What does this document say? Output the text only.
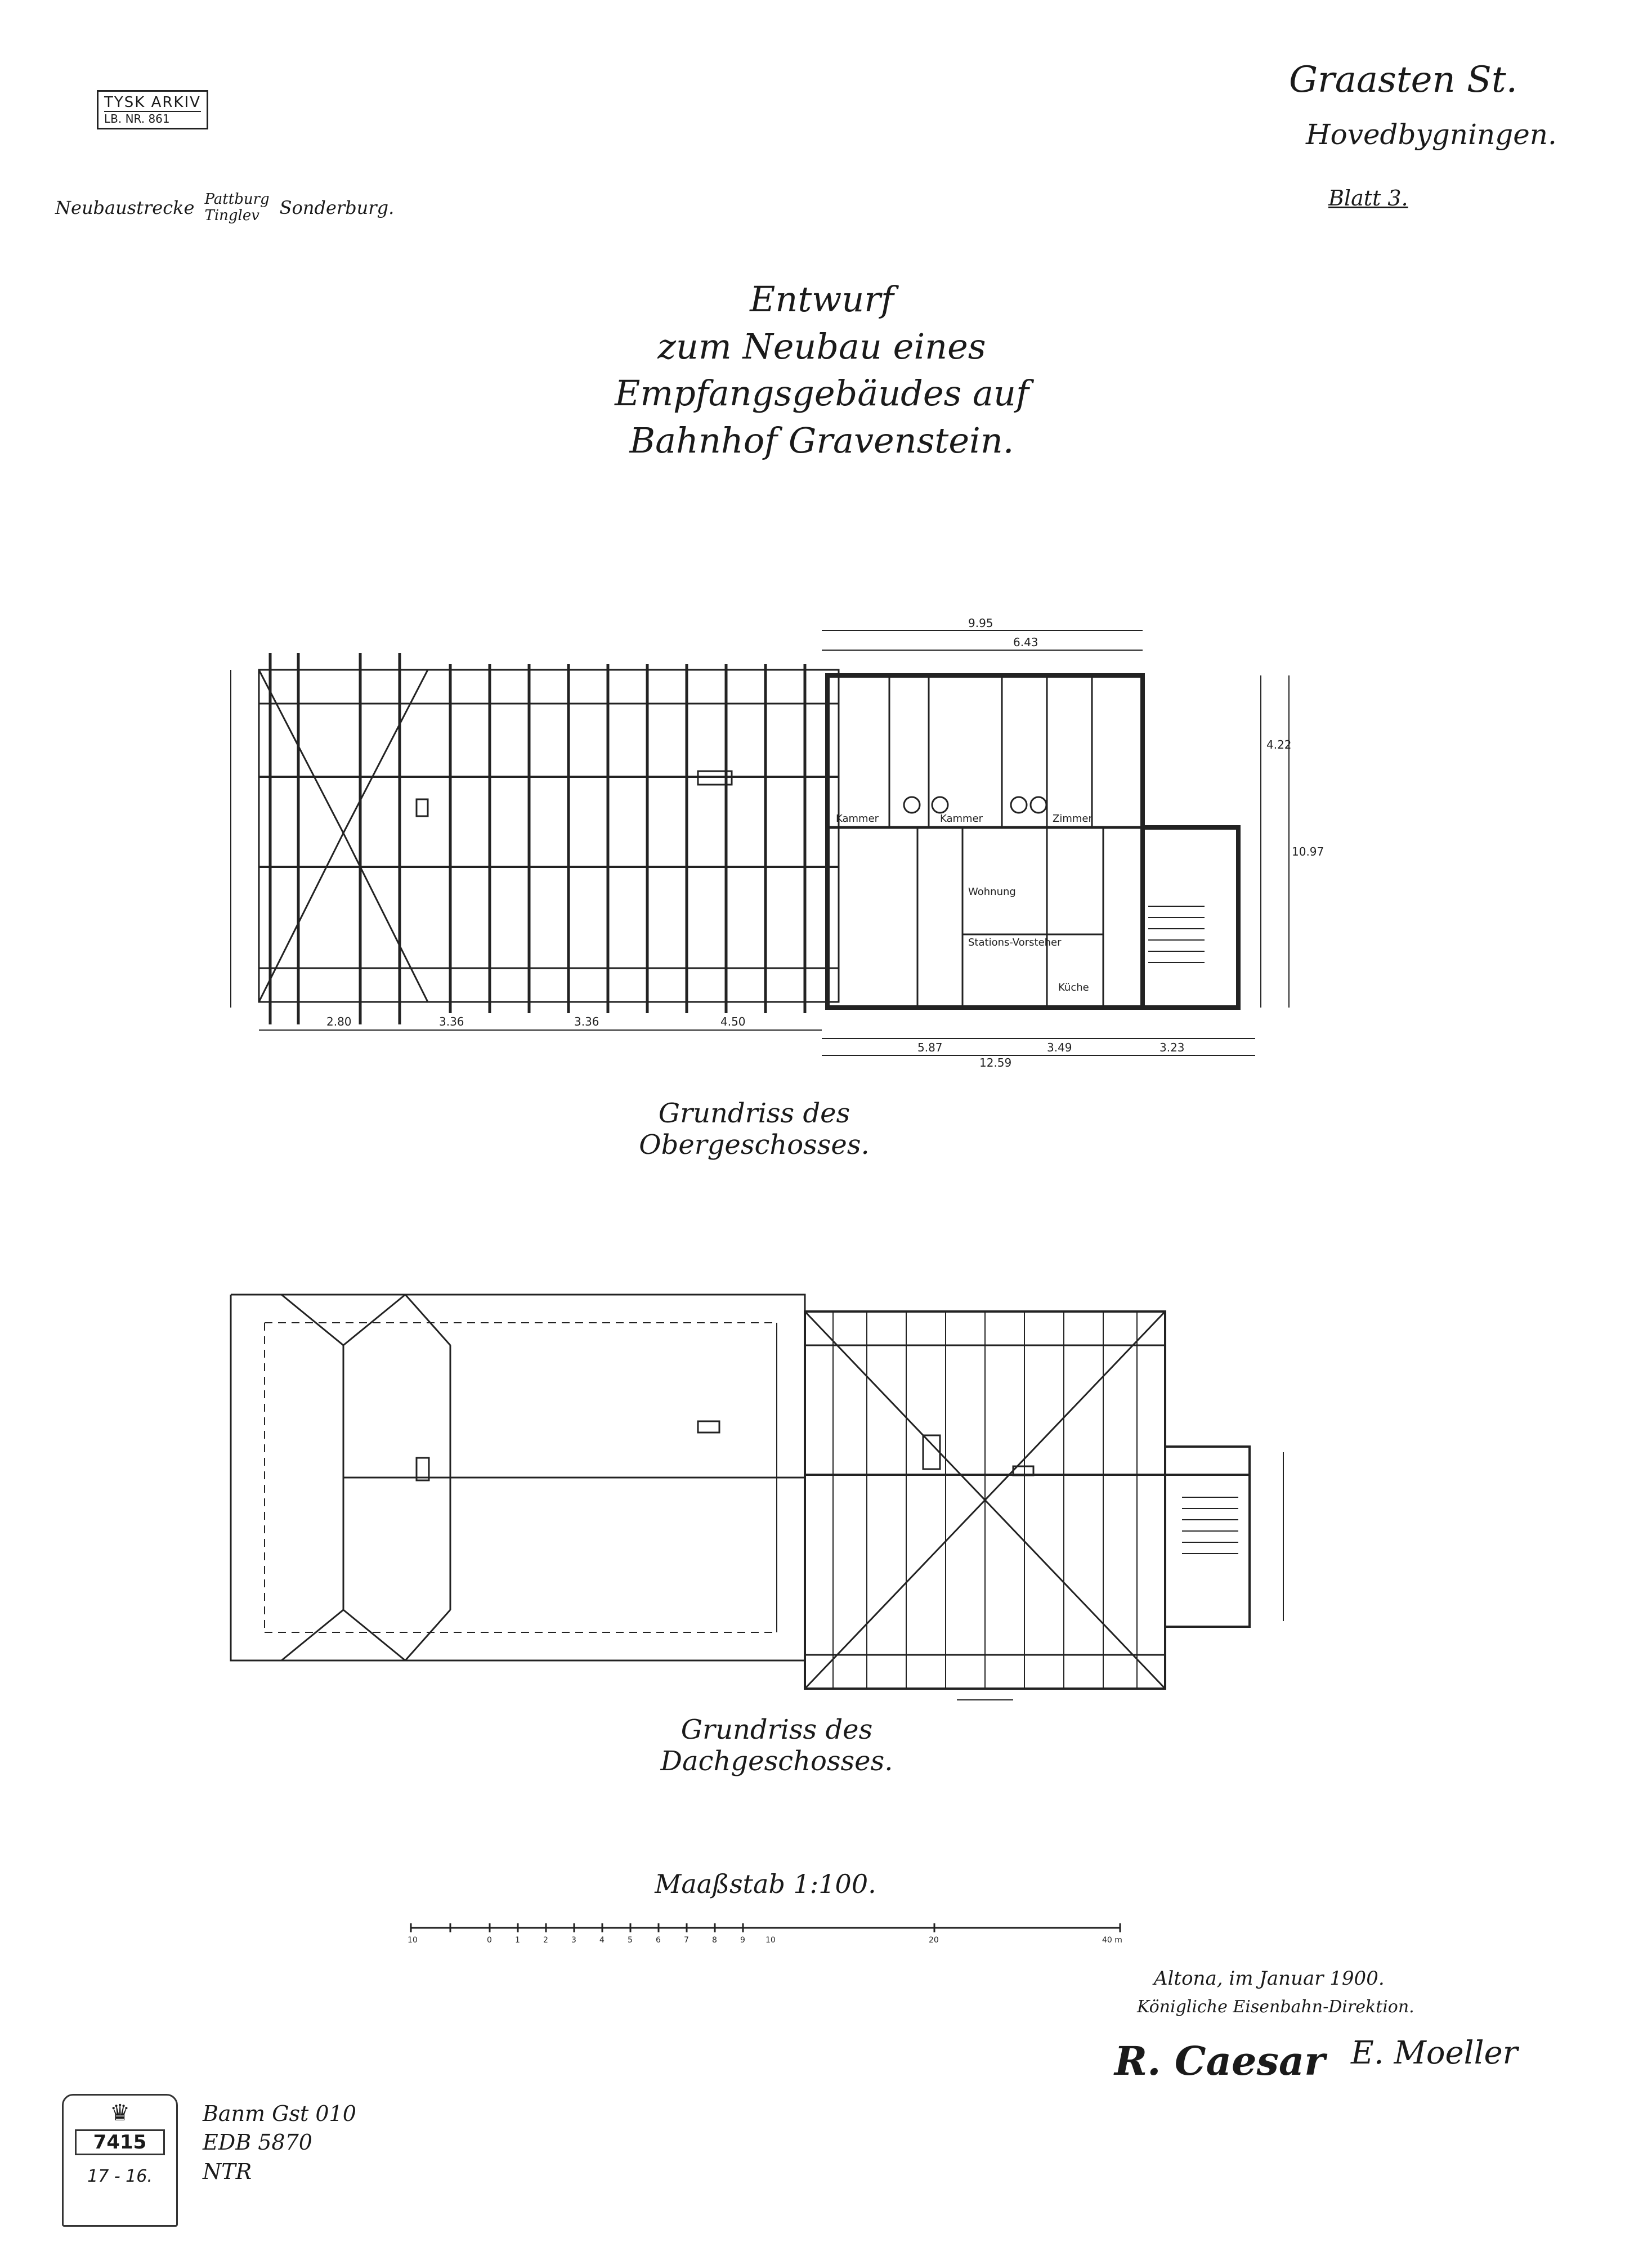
TYSK ARKIV
LB. NR. 861
Graasten St.
Hovedbygningen.
Neubaustrecke Pattburg
Tinglev	Sonderburg.	Blatt 3.
Entwurf
zum Neubau eines Empfangsgebäudes auf
Bahnhof Gravenstein.
9.95
6.43
12.59
5.87	3.49	3.23
2.80	3.36	3.36	4.50
4.22
10.97
Kammer	Kammer	Zimmer
Wohnung
Stations-Vorsteher
Küche
Grundriss des Obergeschosses.
Grundriss des Dachgeschosses.
Maaßstab 1:100.
10	0	1	2	3	4	5	6	7	8	9	10	20	40 m
Altona, im Januar 1900.
Königliche Eisenbahn-Direktion.
R. Caesar E. Moeller
♛
7415
17 - 16.
Banm Gst 010
EDB 5870
NTR
